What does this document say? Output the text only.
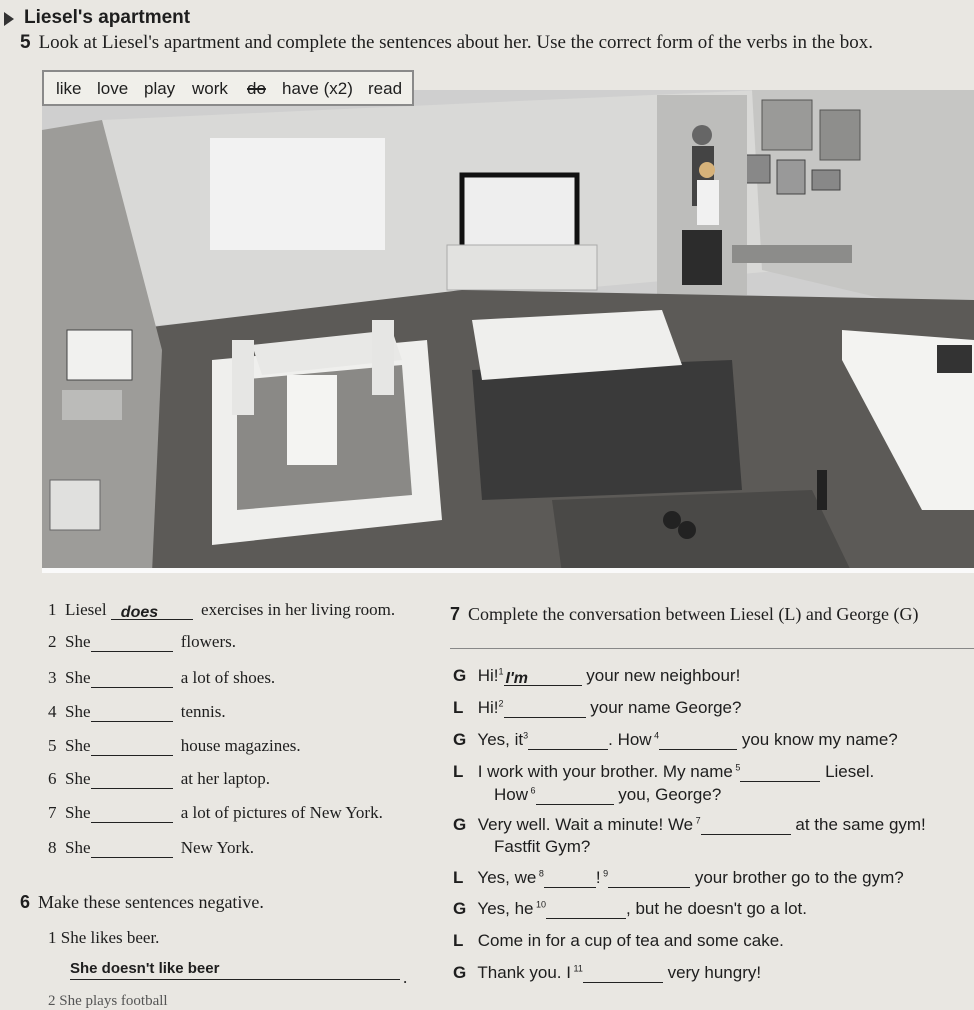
Liesel's apartment
5 Look at Liesel's apartment and complete the sentences about her. Use the correct form of the verbs in the box.
like love play work do have (x2) read
1 Liesel does	exercises in her living room.
2 She	flowers.
3 She	a lot of shoes.
4 She	tennis.
5 She	house magazines.
6 She	at her laptop.
7 She	a lot of pictures of New York.
8 She	New York.
6 Make these sentences negative.
1 She likes beer.
She doesn't like beer	.
2 She plays football
7 Complete the conversation between Liesel (L) and George (G)
G Hi!$^1$ I'm	your new neighbour!
L Hi!$^2$	your name George?
G Yes, $it^3$	. How $^4$	you know my name?
L I work with your brother. My name $^5$	Liesel.
How $^6$	you, George?
G Very well. Wait a minute! We $^7$	at the same gym!
Fastfit Gym?
L Yes, we $^8$	! $^9$	your brother go to the gym?
G Yes, he $^{10}$	, but he doesn't go a lot.
L Come in for a cup of tea and some cake.
G Thank you. I $^{11}$	very hungry!
